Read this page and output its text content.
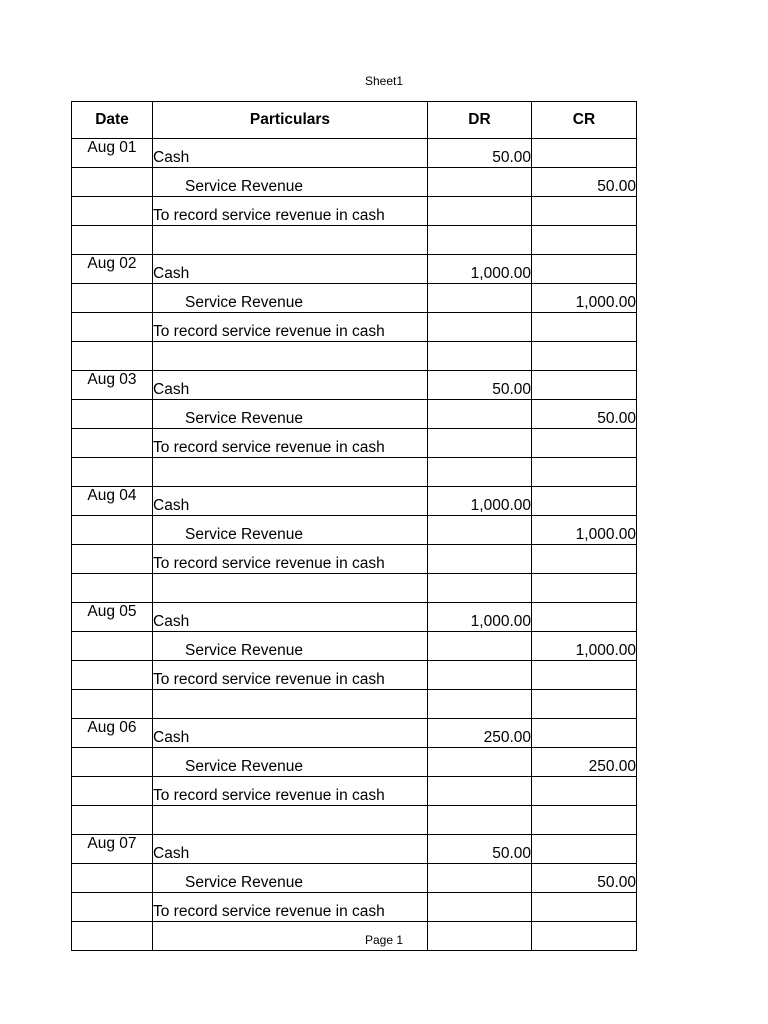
Sheet1
Date	Particulars	DR	CR
Aug 01	Cash	50.00	
	Service Revenue		50.00
	To record service revenue in cash		

Aug 02	Cash	1,000.00	
	Service Revenue		1,000.00
	To record service revenue in cash		

Aug 03	Cash	50.00	
	Service Revenue		50.00
	To record service revenue in cash		

Aug 04	Cash	1,000.00	
	Service Revenue		1,000.00
	To record service revenue in cash		

Aug 05	Cash	1,000.00	
	Service Revenue		1,000.00
	To record service revenue in cash		

Aug 06	Cash	250.00	
	Service Revenue		250.00
	To record service revenue in cash		

Aug 07	Cash	50.00	
	Service Revenue		50.00
	To record service revenue in cash		

Page 1
